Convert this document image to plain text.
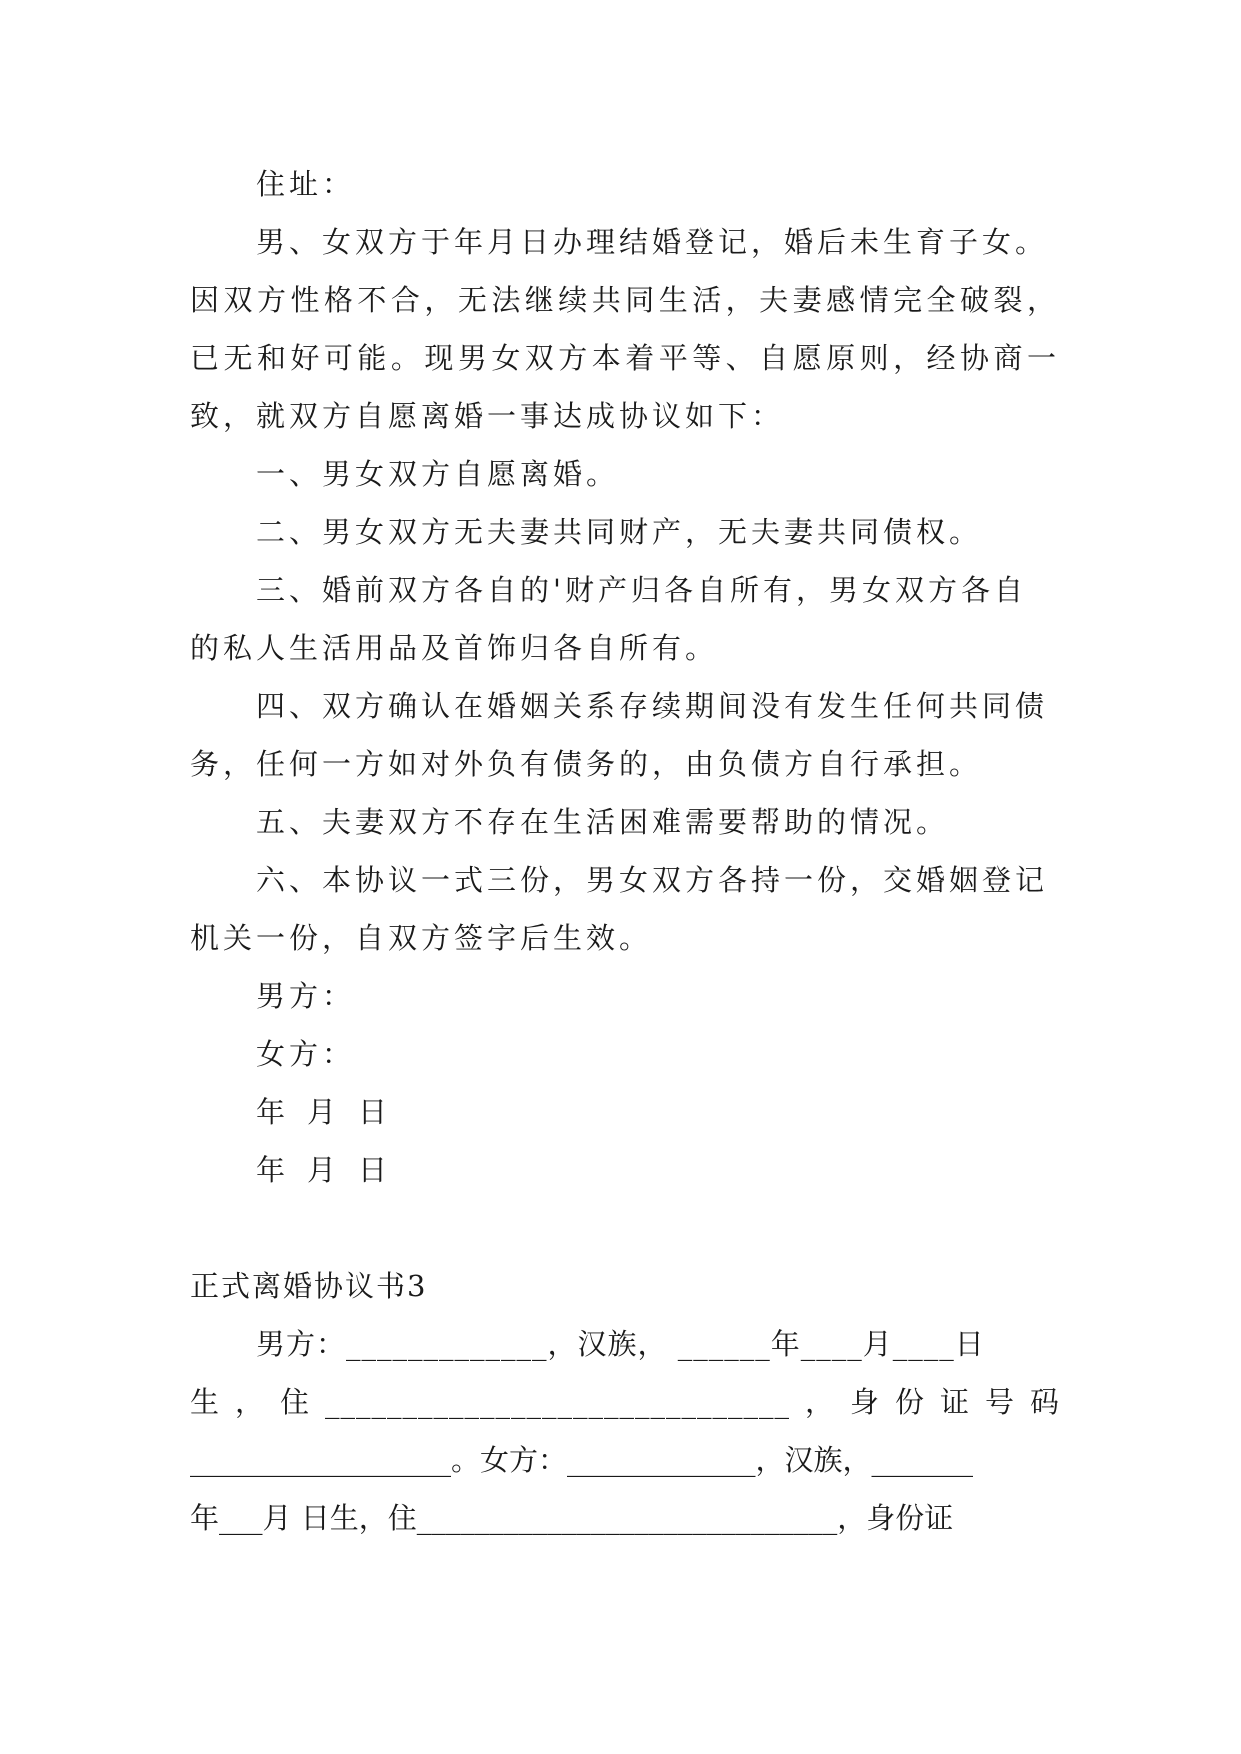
住址：
男、女双方于年月日办理结婚登记，婚后未生育子女。
因双方性格不合，无法继续共同生活，夫妻感情完全破裂，
已无和好可能。现男女双方本着平等、自愿原则，经协商一
致，就双方自愿离婚一事达成协议如下：
一、男女双方自愿离婚。
二、男女双方无夫妻共同财产，无夫妻共同债权。
三、婚前双方各自的'财产归各自所有，男女双方各自
的私人生活用品及首饰归各自所有。
四、双方确认在婚姻关系存续期间没有发生任何共同债
务，任何一方如对外负有债务的，由负债方自行承担。
五、夫妻双方不存在生活困难需要帮助的情况。
六、本协议一式三份，男女双方各持一份，交婚姻登记
机关一份，自双方签字后生效。
男方：
女方：
年 月 日
年 月 日
正式离婚协议书3
男方：_____________，汉族， ______年____月____日
生，住______________________________，身份证号码
__________________。女方：_____________，汉族，_______
年___月 日生，住_____________________________，身份证
